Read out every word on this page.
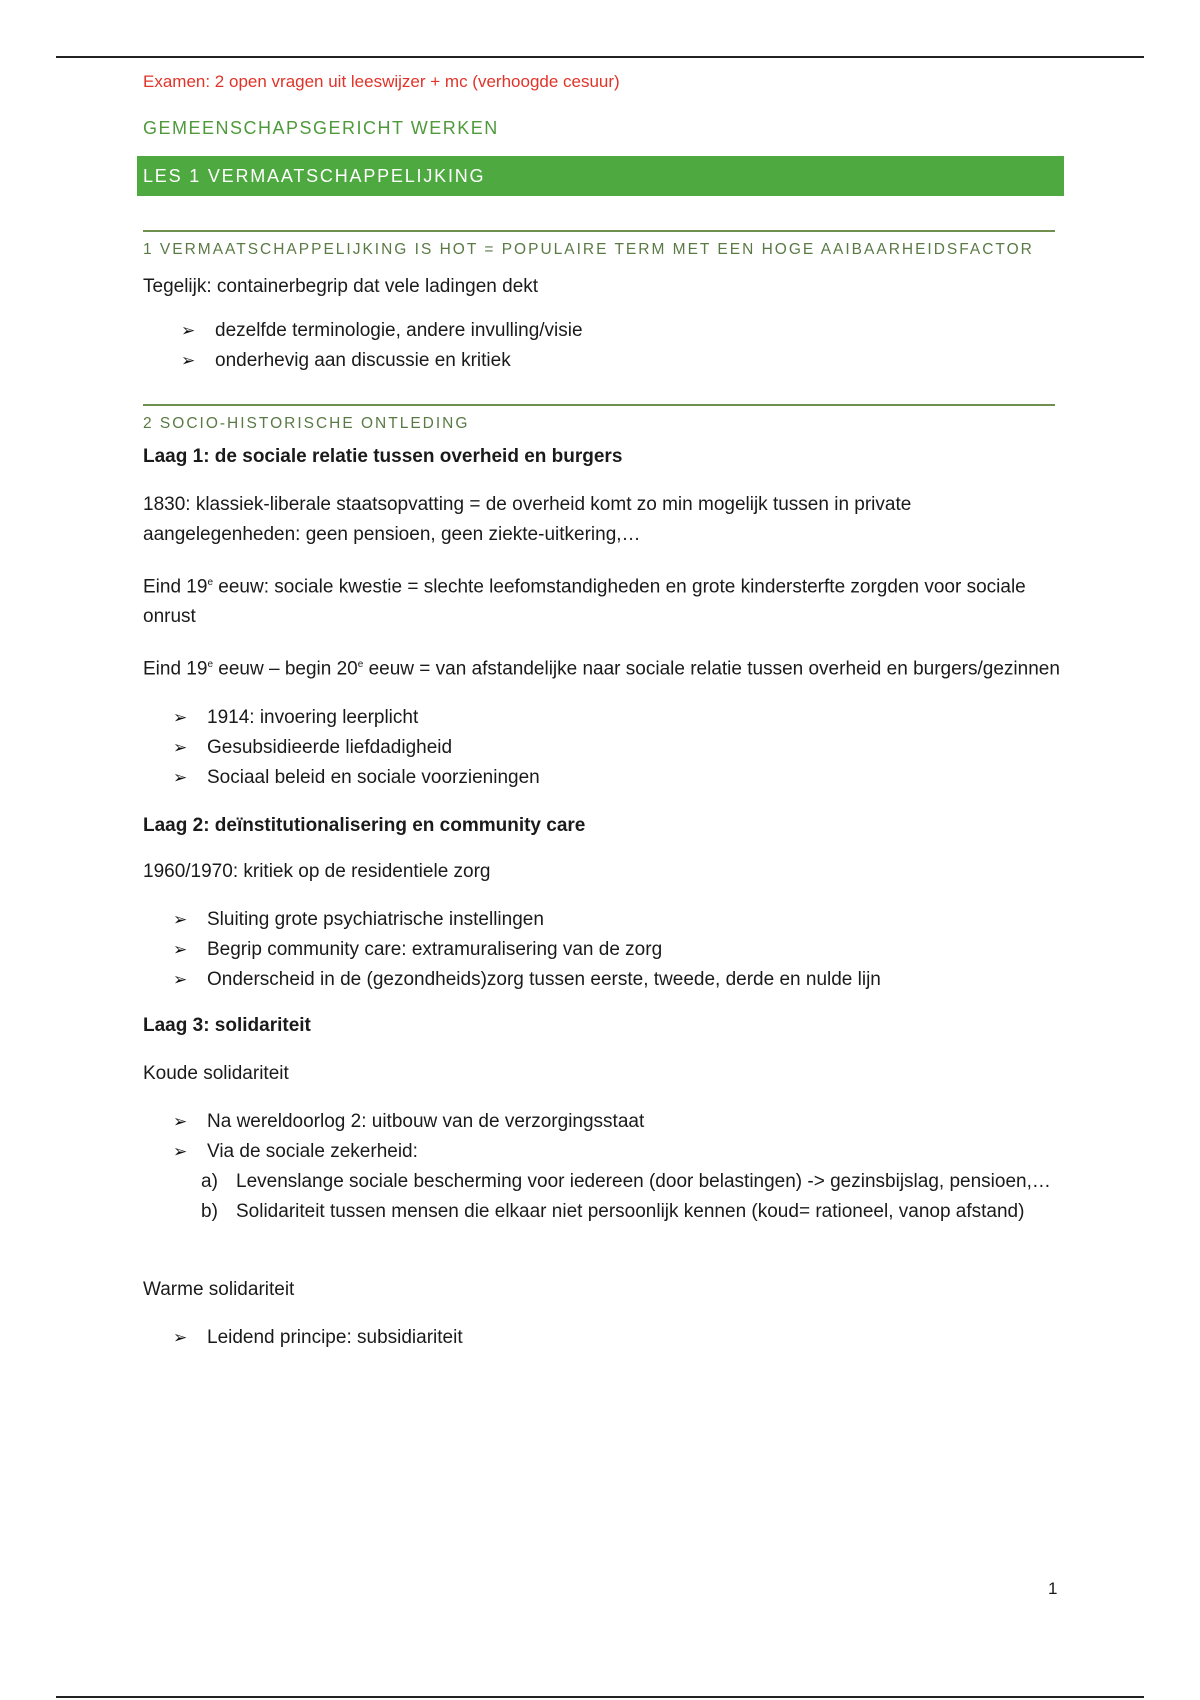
Examen: 2 open vragen uit leeswijzer + mc (verhoogde cesuur)
GEMEENSCHAPSGERICHT WERKEN
LES 1 VERMAATSCHAPPELIJKING
1 VERMAATSCHAPPELIJKING IS HOT = POPULAIRE TERM MET EEN HOGE AAIBAARHEIDSFACTOR

Tegelijk: containerbegrip dat vele ladingen dekt

➢ dezelfde terminologie, andere invulling/visie
➢ onderhevig aan discussie en kritiek
2 SOCIO-HISTORISCHE ONTLEDING
Laag 1: de sociale relatie tussen overheid en burgers

1830: klassiek-liberale staatsopvatting = de overheid komt zo min mogelijk tussen in private aangelegenheden: geen pensioen, geen ziekte-uitkering,…

Eind 19e eeuw: sociale kwestie = slechte leefomstandigheden en grote kindersterfte zorgden voor sociale onrust

Eind 19e eeuw – begin 20e eeuw = van afstandelijke naar sociale relatie tussen overheid en burgers/gezinnen

➢ 1914: invoering leerplicht
➢ Gesubsidieerde liefdadigheid
➢ Sociaal beleid en sociale voorzieningen
Laag 2: deïnstitutionalisering en community care

1960/1970: kritiek op de residentiele zorg

➢ Sluiting grote psychiatrische instellingen
➢ Begrip community care: extramuralisering van de zorg
➢ Onderscheid in de (gezondheids)zorg tussen eerste, tweede, derde en nulde lijn
Laag 3: solidariteit

Koude solidariteit

➢ Na wereldoorlog 2: uitbouw van de verzorgingsstaat
➢ Via de sociale zekerheid:
a) Levenslange sociale bescherming voor iedereen (door belastingen) -> gezinsbijslag, pensioen,…
b) Solidariteit tussen mensen die elkaar niet persoonlijk kennen (koud= rationeel, vanop afstand)

Warme solidariteit

➢ Leidend principe: subsidiariteit
1
